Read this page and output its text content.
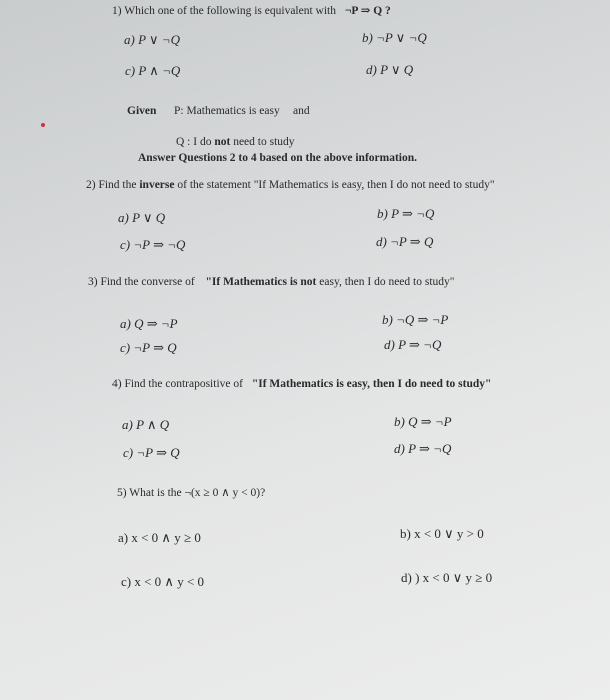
1) Which one of the following is equivalent with ¬P ⇒ Q ?
a) P ∨ ¬Q	b) ¬P ∨ ¬Q
c) P ∧ ¬Q	d) P ∨ Q
Given P: Mathematics is easy and
Q : I do not need to study
Answer Questions 2 to 4 based on the above information.
2) Find the inverse of the statement "If Mathematics is easy, then I do not need to study"
a) P ∨ Q	b) P ⇒ ¬Q
c) ¬P ⇒ ¬Q	d) ¬P ⇒ Q
3) Find the converse of "If Mathematics is not easy, then I do need to study"
a) Q ⇒ ¬P	b) ¬Q ⇒ ¬P
c) ¬P ⇒ Q	d) P ⇒ ¬Q
4) Find the contrapositive of "If Mathematics is easy, then I do need to study"
a) P ∧ Q	b) Q ⇒ ¬P
c) ¬P ⇒ Q	d) P ⇒ ¬Q
5) What is the ¬(x ≥ 0 ∧ y < 0)?
a) x < 0 ∧ y ≥ 0	b) x < 0 ∨ y > 0
c) x < 0 ∧ y < 0	d) ) x < 0 ∨ y ≥ 0
